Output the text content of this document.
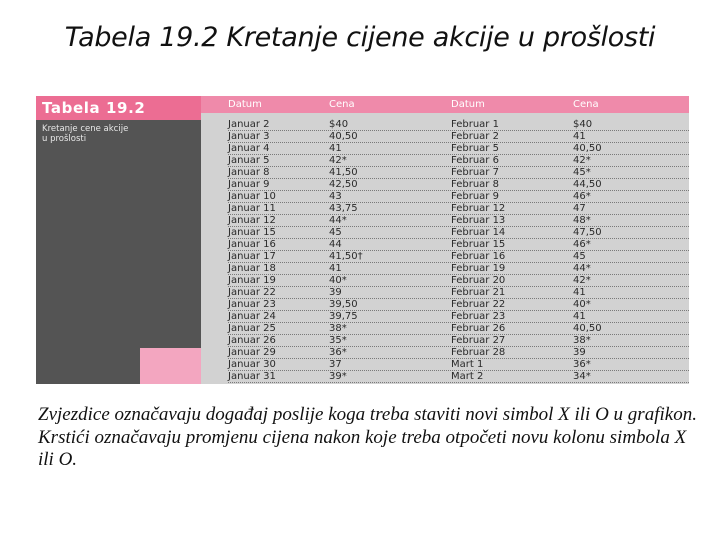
Tabela 19.2 Kretanje cijene akcije u prošlosti
Tabela 19.2
Kretanje cene akcije
u prošlosti
Datum	Cena	Datum	Cena
Januar 2	$40	Februar 1	$40
Januar 3	40,50	Februar 2	41
Januar 4	41	Februar 5	40,50
Januar 5	42*	Februar 6	42*
Januar 8	41,50	Februar 7	45*
Januar 9	42,50	Februar 8	44,50
Januar 10	43	Februar 9	46*
Januar 11	43,75	Februar 12	47
Januar 12	44*	Februar 13	48*
Januar 15	45	Februar 14	47,50
Januar 16	44	Februar 15	46*
Januar 17	41,50†	Februar 16	45
Januar 18	41	Februar 19	44*
Januar 19	40*	Februar 20	42*
Januar 22	39	Februar 21	41
Januar 23	39,50	Februar 22	40*
Januar 24	39,75	Februar 23	41
Januar 25	38*	Februar 26	40,50
Januar 26	35*	Februar 27	38*
Januar 29	36*	Februar 28	39
Januar 30	37	Mart 1	36*
Januar 31	39*	Mart 2	34*

Zvjezdice označavaju događaj poslije koga treba staviti novi simbol X ili O u grafikon.

Krstići označavaju promjenu cijena nakon koje treba otpočeti novu kolonu simbola X ili O.
